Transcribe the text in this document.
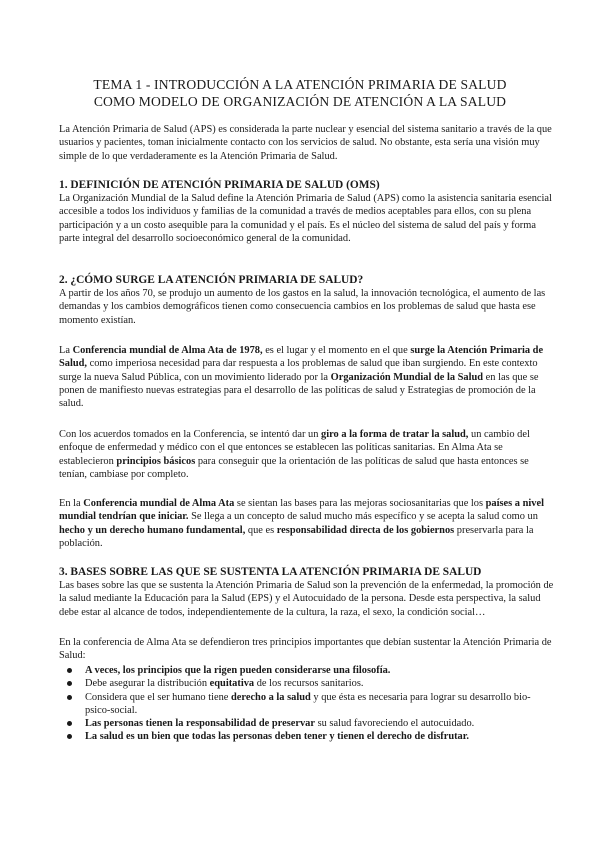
TEMA 1 - INTRODUCCIÓN A LA ATENCIÓN PRIMARIA DE SALUD
COMO MODELO DE ORGANIZACIÓN DE ATENCIÓN A LA SALUD

La Atención Primaria de Salud (APS) es considerada la parte nuclear y esencial del sistema sanitario a través de la que usuarios y pacientes, toman inicialmente contacto con los servicios de salud. No obstante, esta sería una visión muy simple de lo que verdaderamente es la Atención Primaria de Salud.

1. DEFINICIÓN DE ATENCIÓN PRIMARIA DE SALUD (OMS)

La Organización Mundial de la Salud define la Atención Primaria de Salud (APS) como la asistencia sanitaria esencial accesible a todos los individuos y familias de la comunidad a través de medios aceptables para ellos, con su plena participación y a un costo asequible para la comunidad y el país. Es el núcleo del sistema de salud del país y forma parte integral del desarrollo socioeconómico general de la comunidad.

2. ¿CÓMO SURGE LA ATENCIÓN PRIMARIA DE SALUD?

A partir de los años 70, se produjo un aumento de los gastos en la salud, la innovación tecnológica, el aumento de las demandas y los cambios demográficos tienen como consecuencia cambios en los problemas de salud que hasta ese momento existían.

La Conferencia mundial de Alma Ata de 1978, es el lugar y el momento en el que surge la Atención Primaria de Salud, como imperiosa necesidad para dar respuesta a los problemas de salud que iban surgiendo. En este contexto surge la nueva Salud Pública, con un movimiento liderado por la Organización Mundial de la Salud en las que se ponen de manifiesto nuevas estrategias para el desarrollo de las políticas de salud y Estrategias de promoción de la salud.

Con los acuerdos tomados en la Conferencia, se intentó dar un giro a la forma de tratar la salud, un cambio del enfoque de enfermedad y médico con el que entonces se establecen las políticas sanitarias. En Alma Ata se establecieron principios básicos para conseguir que la orientación de las políticas de salud que hasta entonces se tenían, cambiase por completo.

En la Conferencia mundial de Alma Ata se sientan las bases para las mejoras sociosanitarias que los países a nivel mundial tendrían que iniciar. Se llega a un concepto de salud mucho más específico y se acepta la salud como un hecho y un derecho humano fundamental, que es responsabilidad directa de los gobiernos preservarla para la población.

3. BASES SOBRE LAS QUE SE SUSTENTA LA ATENCIÓN PRIMARIA DE SALUD

Las bases sobre las que se sustenta la Atención Primaria de Salud son la prevención de la enfermedad, la promoción de la salud mediante la Educación para la Salud (EPS) y el Autocuidado de la persona. Desde esta perspectiva, la salud debe estar al alcance de todos, independientemente de la cultura, la raza, el sexo, la condición social…

En la conferencia de Alma Ata se defendieron tres principios importantes que debían sustentar la Atención Primaria de Salud:

A veces, los principios que la rigen pueden considerarse una filosofía.
Debe asegurar la distribución equitativa de los recursos sanitarios.
Considera que el ser humano tiene derecho a la salud y que ésta es necesaria para lograr su desarrollo bio-psico-social.
Las personas tienen la responsabilidad de preservar su salud favoreciendo el autocuidado.
La salud es un bien que todas las personas deben tener y tienen el derecho de disfrutar.
